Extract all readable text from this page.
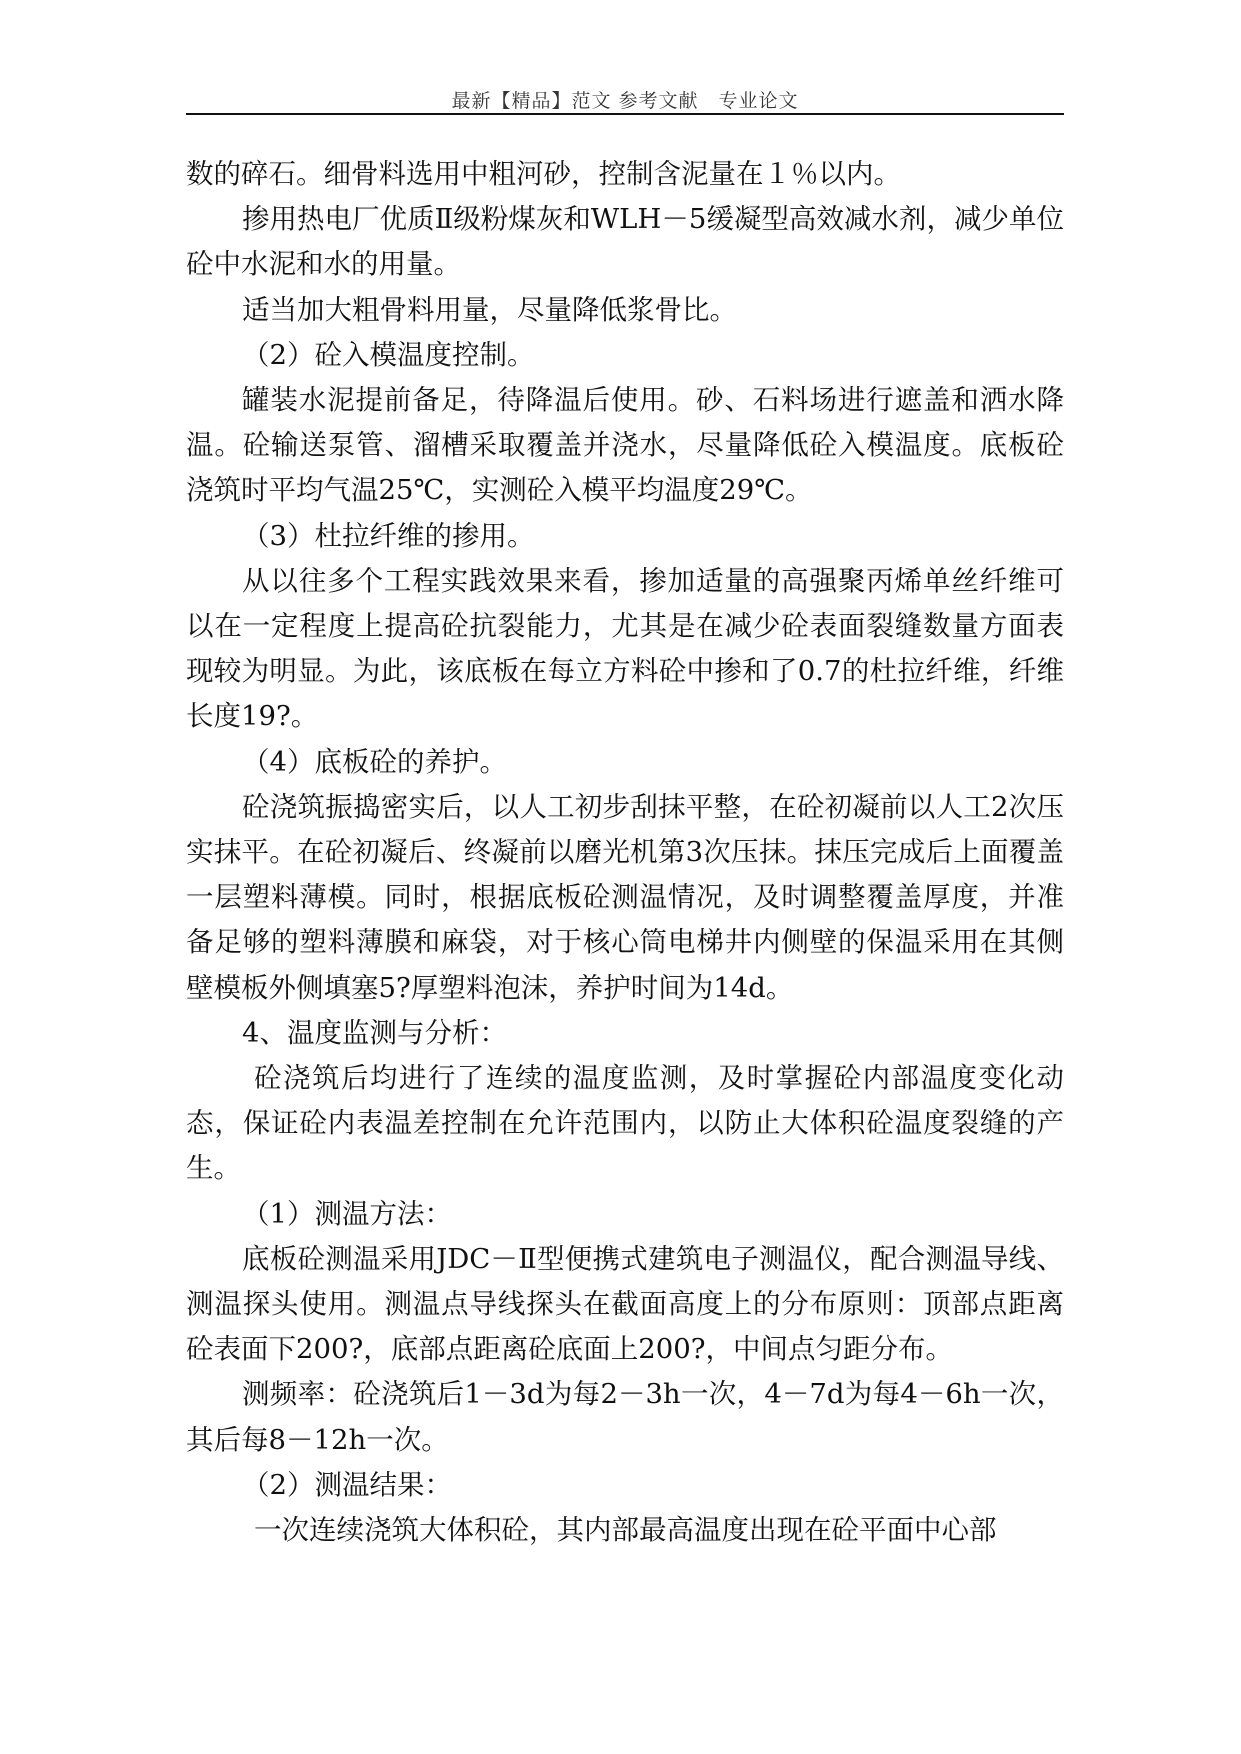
最新【精品】范文 参考文献　专业论文

数的碎石。细骨料选用中粗河砂，控制含泥量在１％以内。

掺用热电厂优质Ⅱ级粉煤灰和WLH－5缓凝型高效减水剂，减少单位砼中水泥和水的用量。

适当加大粗骨料用量，尽量降低浆骨比。

（2）砼入模温度控制。

罐装水泥提前备足，待降温后使用。砂、石料场进行遮盖和洒水降温。砼输送泵管、溜槽采取覆盖并浇水，尽量降低砼入模温度。底板砼浇筑时平均气温25℃，实测砼入模平均温度29℃。

（3）杜拉纤维的掺用。

从以往多个工程实践效果来看，掺加适量的高强聚丙烯单丝纤维可以在一定程度上提高砼抗裂能力，尤其是在减少砼表面裂缝数量方面表现较为明显。为此，该底板在每立方料砼中掺和了0.7的杜拉纤维，纤维长度19?。

（4）底板砼的养护。

砼浇筑振捣密实后，以人工初步刮抹平整，在砼初凝前以人工2次压实抹平。在砼初凝后、终凝前以磨光机第3次压抹。抹压完成后上面覆盖一层塑料薄模。同时，根据底板砼测温情况，及时调整覆盖厚度，并准备足够的塑料薄膜和麻袋，对于核心筒电梯井内侧壁的保温采用在其侧壁模板外侧填塞5?厚塑料泡沫，养护时间为14d。

4、温度监测与分析：

砼浇筑后均进行了连续的温度监测，及时掌握砼内部温度变化动态，保证砼内表温差控制在允许范围内，以防止大体积砼温度裂缝的产生。

（1）测温方法：

底板砼测温采用JDC－Ⅱ型便携式建筑电子测温仪，配合测温导线、测温探头使用。测温点导线探头在截面高度上的分布原则：顶部点距离砼表面下200?，底部点距离砼底面上200?，中间点匀距分布。

测频率：砼浇筑后1－3d为每2－3h一次，4－7d为每4－6h一次，其后每8－12h一次。

（2）测温结果：

一次连续浇筑大体积砼，其内部最高温度出现在砼平面中心部
